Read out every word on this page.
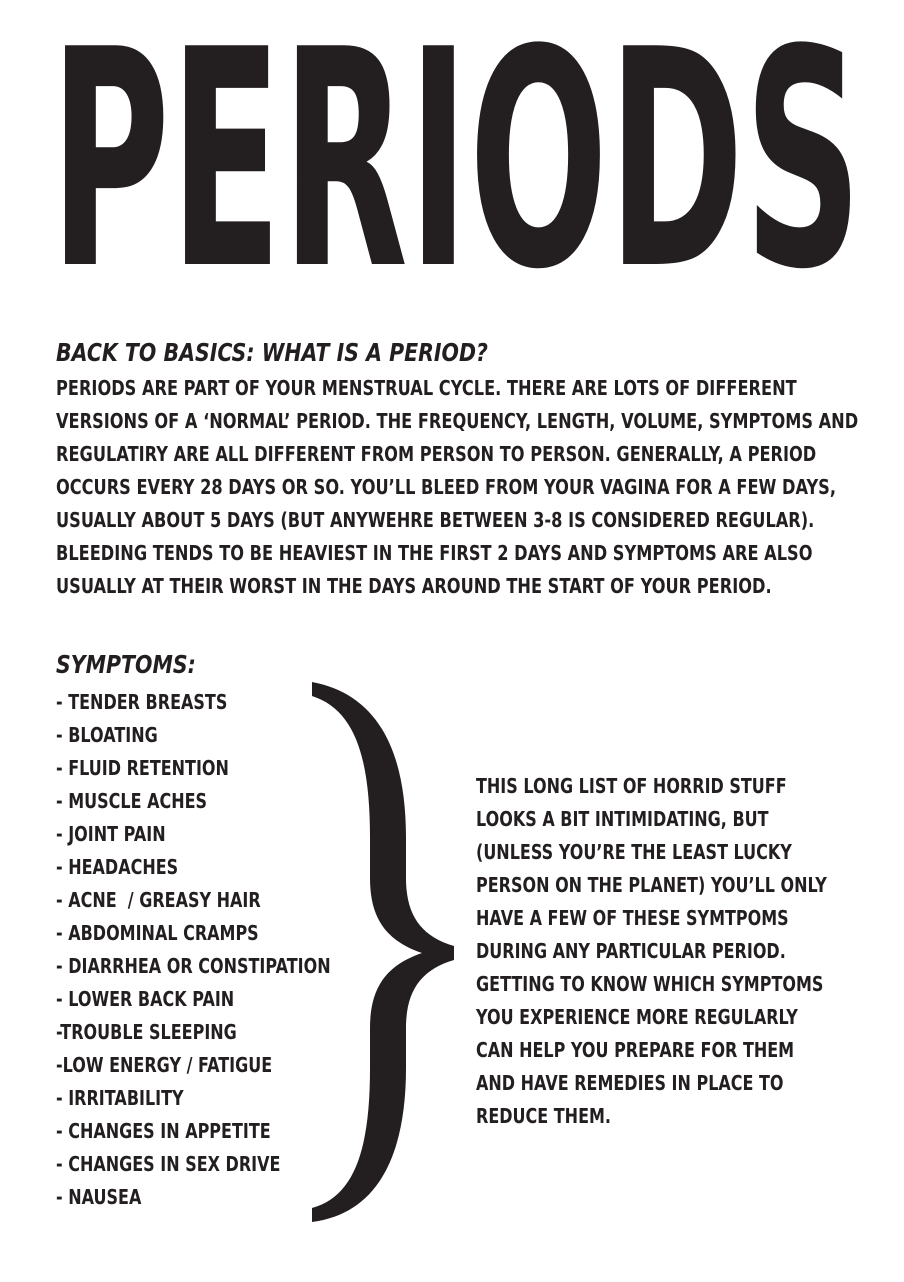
PERIODS
BACK TO BASICS: WHAT IS A PERIOD?

PERIODS ARE PART OF YOUR MENSTRUAL CYCLE. THERE ARE LOTS OF DIFFERENT
VERSIONS OF A ‘NORMAL’ PERIOD. THE FREQUENCY, LENGTH, VOLUME, SYMPTOMS AND
REGULATIRY ARE ALL DIFFERENT FROM PERSON TO PERSON. GENERALLY, A PERIOD
OCCURS EVERY 28 DAYS OR SO. YOU’LL BLEED FROM YOUR VAGINA FOR A FEW DAYS,
USUALLY ABOUT 5 DAYS (BUT ANYWEHRE BETWEEN 3-8 IS CONSIDERED REGULAR).
BLEEDING TENDS TO BE HEAVIEST IN THE FIRST 2 DAYS AND SYMPTOMS ARE ALSO
USUALLY AT THEIR WORST IN THE DAYS AROUND THE START OF YOUR PERIOD.

SYMPTOMS:
- TENDER BREASTS
- BLOATING
- FLUID RETENTION
- MUSCLE ACHES
- JOINT PAIN
- HEADACHES
- ACNE  / GREASY HAIR
- ABDOMINAL CRAMPS
- DIARRHEA OR CONSTIPATION
- LOWER BACK PAIN
-TROUBLE SLEEPING
-LOW ENERGY / FATIGUE
- IRRITABILITY
- CHANGES IN APPETITE
- CHANGES IN SEX DRIVE
- NAUSEA

THIS LONG LIST OF HORRID STUFF
LOOKS A BIT INTIMIDATING, BUT
(UNLESS YOU’RE THE LEAST LUCKY
PERSON ON THE PLANET) YOU’LL ONLY
HAVE A FEW OF THESE SYMTPOMS
DURING ANY PARTICULAR PERIOD.
GETTING TO KNOW WHICH SYMPTOMS
YOU EXPERIENCE MORE REGULARLY
CAN HELP YOU PREPARE FOR THEM
AND HAVE REMEDIES IN PLACE TO
REDUCE THEM.
